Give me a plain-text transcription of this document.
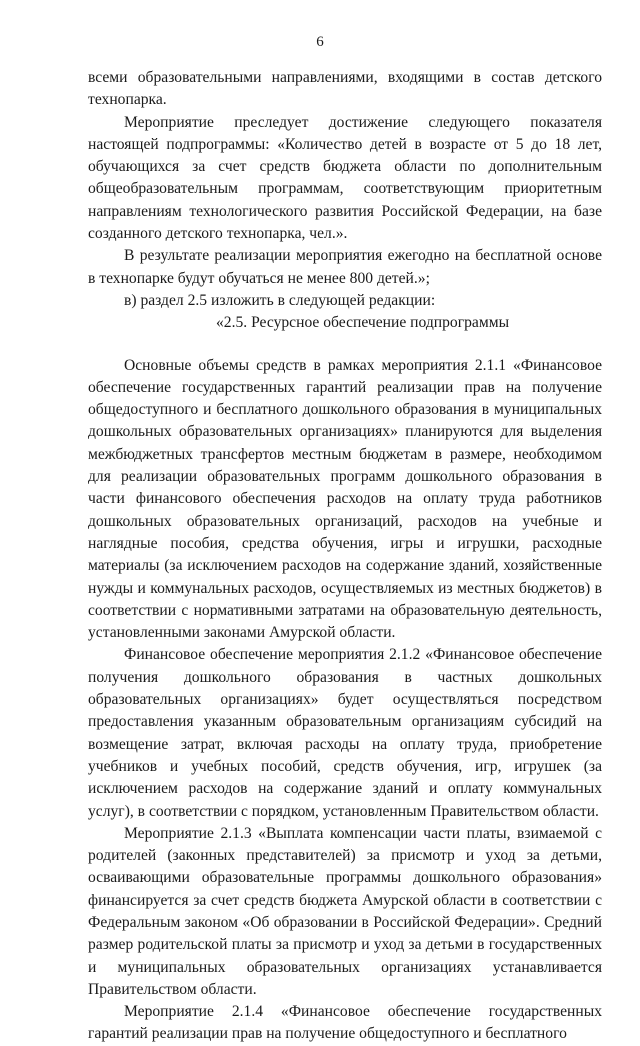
6

всеми образовательными направлениями, входящими в состав детского технопарка.

Мероприятие преследует достижение следующего показателя настоящей подпрограммы: «Количество детей в возрасте от 5 до 18 лет, обучающихся за счет средств бюджета области по дополнительным общеобразовательным программам, соответствующим приоритетным направлениям технологического развития Российской Федерации, на базе созданного детского технопарка, чел.».

В результате реализации мероприятия ежегодно на бесплатной основе в технопарке будут обучаться не менее 800 детей.»;

в) раздел 2.5 изложить в следующей редакции:

«2.5. Ресурсное обеспечение подпрограммы

Основные объемы средств в рамках мероприятия 2.1.1 «Финансовое обеспечение государственных гарантий реализации прав на получение общедоступного и бесплатного дошкольного образования в муниципальных дошкольных образовательных организациях» планируются для выделения межбюджетных трансфертов местным бюджетам в размере, необходимом для реализации образовательных программ дошкольного образования в части финансового обеспечения расходов на оплату труда работников дошкольных образовательных организаций, расходов на учебные и наглядные пособия, средства обучения, игры и игрушки, расходные материалы (за исключением расходов на содержание зданий, хозяйственные нужды и коммунальных расходов, осуществляемых из местных бюджетов) в соответствии с нормативными затратами на образовательную деятельность, установленными законами Амурской области.

Финансовое обеспечение мероприятия 2.1.2 «Финансовое обеспечение получения дошкольного образования в частных дошкольных образовательных организациях» будет осуществляться посредством предоставления указанным образовательным организациям субсидий на возмещение затрат, включая расходы на оплату труда, приобретение учебников и учебных пособий, средств обучения, игр, игрушек (за исключением расходов на содержание зданий и оплату коммунальных услуг), в соответствии с порядком, установленным Правительством области.

Мероприятие 2.1.3 «Выплата компенсации части платы, взимаемой с родителей (законных представителей) за присмотр и уход за детьми, осваивающими образовательные программы дошкольного образования» финансируется за счет средств бюджета Амурской области в соответствии с Федеральным законом «Об образовании в Российской Федерации». Средний размер родительской платы за присмотр и уход за детьми в государственных и муниципальных образовательных организациях устанавливается Правительством области.

Мероприятие 2.1.4 «Финансовое обеспечение государственных гарантий реализации прав на получение общедоступного и бесплатного
